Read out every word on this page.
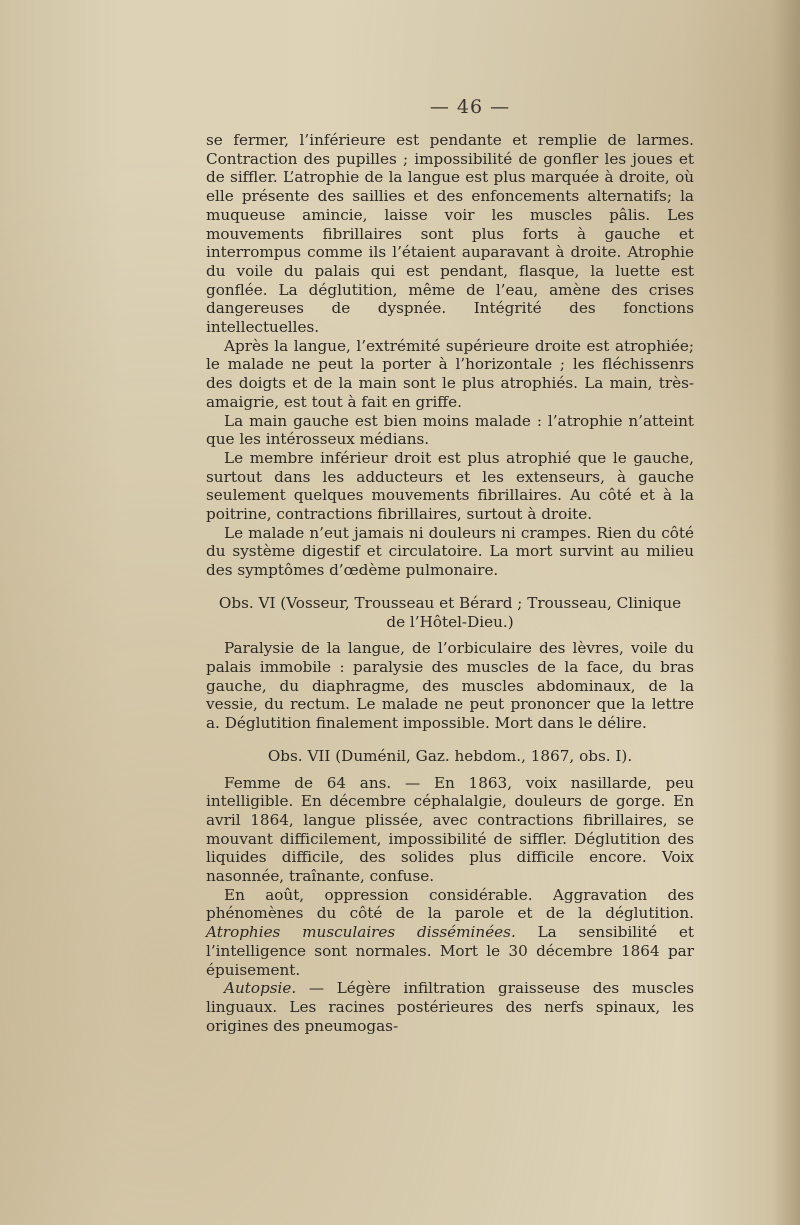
— 46 —

se fermer, l’inférieure est pendante et remplie de larmes. Contraction des pupilles ; impossibilité de gonfler les joues et de siffler. L’atrophie de la langue est plus marquée à droite, où elle présente des saillies et des enfoncements alternatifs; la muqueuse amincie, laisse voir les muscles pâlis. Les mouvements fibrillaires sont plus forts à gauche et interrompus comme ils l’étaient auparavant à droite. Atrophie du voile du palais qui est pendant, flasque, la luette est gonflée. La déglutition, même de l’eau, amène des crises dangereuses de dyspnée. Intégrité des fonctions intellectuelles.

Après la langue, l’extrémité supérieure droite est atrophiée; le malade ne peut la porter à l’horizontale ; les fléchissenrs des doigts et de la main sont le plus atrophiés. La main, très-amaigrie, est tout à fait en griffe.

La main gauche est bien moins malade : l’atrophie n’atteint que les intérosseux médians.

Le membre inférieur droit est plus atrophié que le gauche, surtout dans les adducteurs et les extenseurs, à gauche seulement quelques mouvements fibrillaires. Au côté et à la poitrine, contractions fibrillaires, surtout à droite.

Le malade n’eut jamais ni douleurs ni crampes. Rien du côté du système digestif et circulatoire. La mort survint au milieu des symptômes d’œdème pulmonaire.

Obs. VI (Vosseur, Trousseau et Bérard ; Trousseau, Clinique
de l’Hôtel-Dieu.)

Paralysie de la langue, de l’orbiculaire des lèvres, voile du palais immobile : paralysie des muscles de la face, du bras gauche, du diaphragme, des muscles abdominaux, de la vessie, du rectum. Le malade ne peut prononcer que la lettre a. Déglutition finalement impossible. Mort dans le délire.

Obs. VII (Duménil, Gaz. hebdom., 1867, obs. I).

Femme de 64 ans. — En 1863, voix nasillarde, peu intelligible. En décembre céphalalgie, douleurs de gorge. En avril 1864, langue plissée, avec contractions fibrillaires, se mouvant difficilement, impossibilité de siffler. Déglutition des liquides difficile, des solides plus difficile encore. Voix nasonnée, traînante, confuse.

En août, oppression considérable. Aggravation des phénomènes du côté de la parole et de la déglutition. Atrophies musculaires disséminées. La sensibilité et l’intelligence sont normales. Mort le 30 décembre 1864 par épuisement.

Autopsie. — Légère infiltration graisseuse des muscles linguaux. Les racines postérieures des nerfs spinaux, les origines des pneumogas-
